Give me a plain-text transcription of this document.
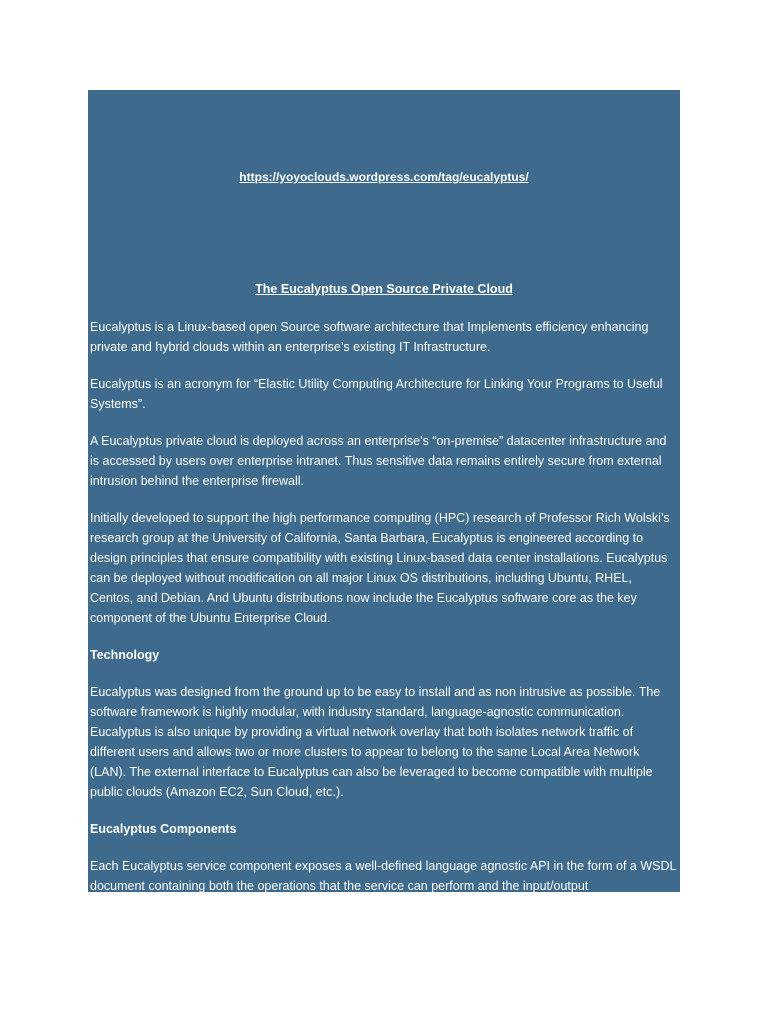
https://yoyoclouds.wordpress.com/tag/eucalyptus/
The Eucalyptus Open Source Private Cloud

Eucalyptus is a Linux-based open Source software architecture that Implements efficiency enhancing private and hybrid clouds within an enterprise’s existing IT Infrastructure.

Eucalyptus is an acronym for “Elastic Utility Computing Architecture for Linking Your Programs to Useful Systems”.

A Eucalyptus private cloud is deployed across an enterprise’s “on-premise” datacenter infrastructure and is accessed by users over enterprise intranet. Thus sensitive data remains entirely secure from external intrusion behind the enterprise firewall.

Initially developed to support the high performance computing (HPC) research of Professor Rich Wolski’s research group at the University of California, Santa Barbara, Eucalyptus is engineered according to design principles that ensure compatibility with existing Linux-based data center installations. Eucalyptus can be deployed without modification on all major Linux OS distributions, including Ubuntu, RHEL, Centos, and Debian. And Ubuntu distributions now include the Eucalyptus software core as the key component of the Ubuntu Enterprise Cloud.

Technology

Eucalyptus was designed from the ground up to be easy to install and as non intrusive as possible. The software framework is highly modular, with industry standard, language-agnostic communication. Eucalyptus is also unique by providing a virtual network overlay that both isolates network traffic of different users and allows two or more clusters to appear to belong to the same Local Area Network (LAN). The external interface to Eucalyptus can also be leveraged to become compatible with multiple public clouds (Amazon EC2, Sun Cloud, etc.).

Eucalyptus Components

Each Eucalyptus service component exposes a well-defined language agnostic API in the form of a WSDL document containing both the operations that the service can perform and the input/output
